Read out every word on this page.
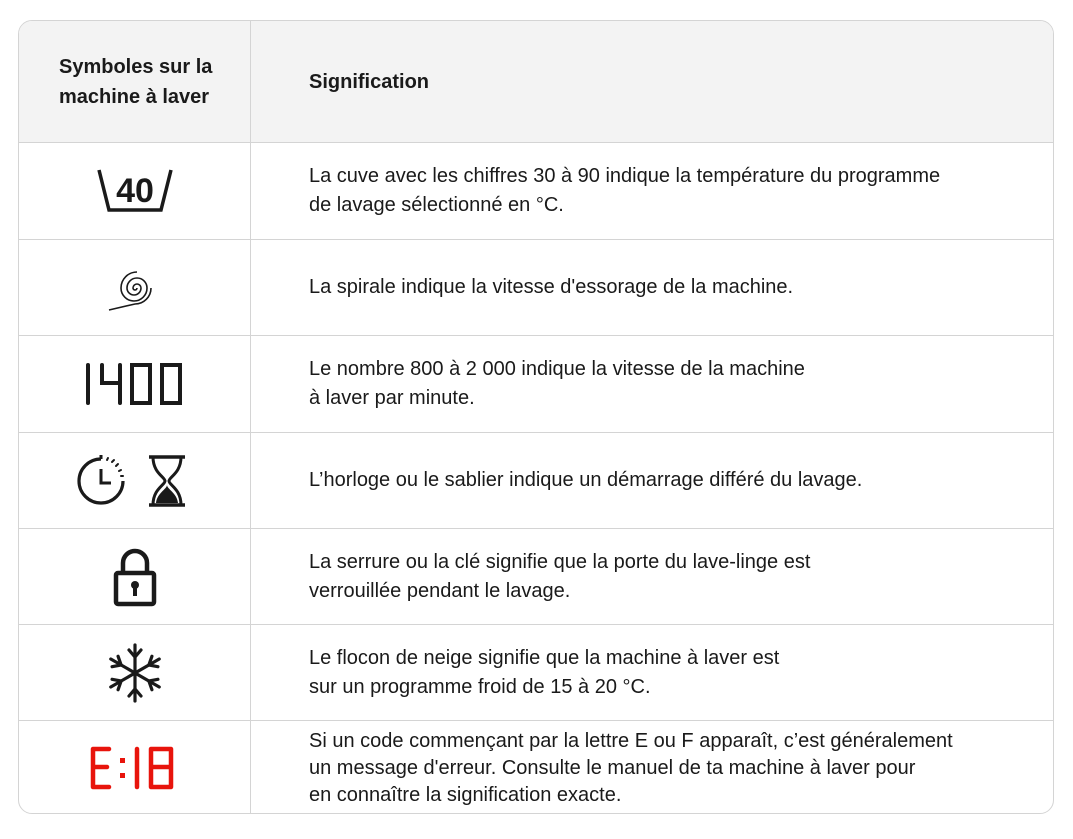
Symboles sur la machine à laver
Signification
40	La cuve avec les chiffres 30 à 90 indique la température du programme
de lavage sélectionné en °C.
La spirale indique la vitesse d'essorage de la machine.
Le nombre 800 à 2 000 indique la vitesse de la machine
à laver par minute.
L’horloge ou le sablier indique un démarrage différé du lavage.
La serrure ou la clé signifie que la porte du lave-linge est
verrouillée pendant le lavage.
Le flocon de neige signifie que la machine à laver est
sur un programme froid de 15 à 20 °C.
Si un code commençant par la lettre E ou F apparaît, c’est généralement
un message d'erreur. Consulte le manuel de ta machine à laver pour
en connaître la signification exacte.
